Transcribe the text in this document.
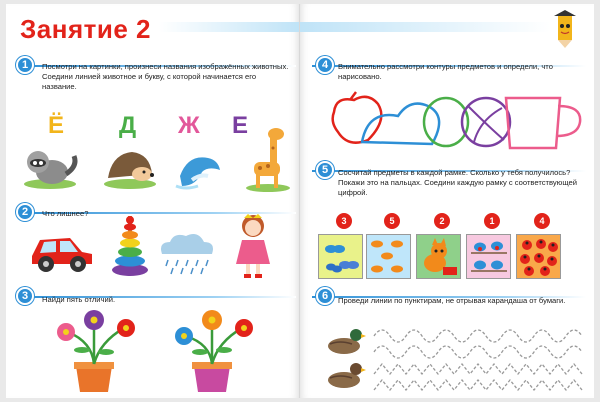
Занятие 2
1	Посмотри на картинки, произнеси названия изображённых животных. Соедини линией животное и букву, с которой начинается его название.
Ё Д Ж Е
2	Что лишнее?
3	Найди пять отличий.
4	Внимательно рассмотри контуры предметов и определи, что нарисовано.
5	Сосчитай предметы в каждой рамке. Сколько у тебя получилось? Покажи это на пальцах. Соедини каждую рамку с соответствующей цифрой.
3	5	2	1	4
6	Проведи линии по пунктирам, не отрывая карандаша от бумаги.
